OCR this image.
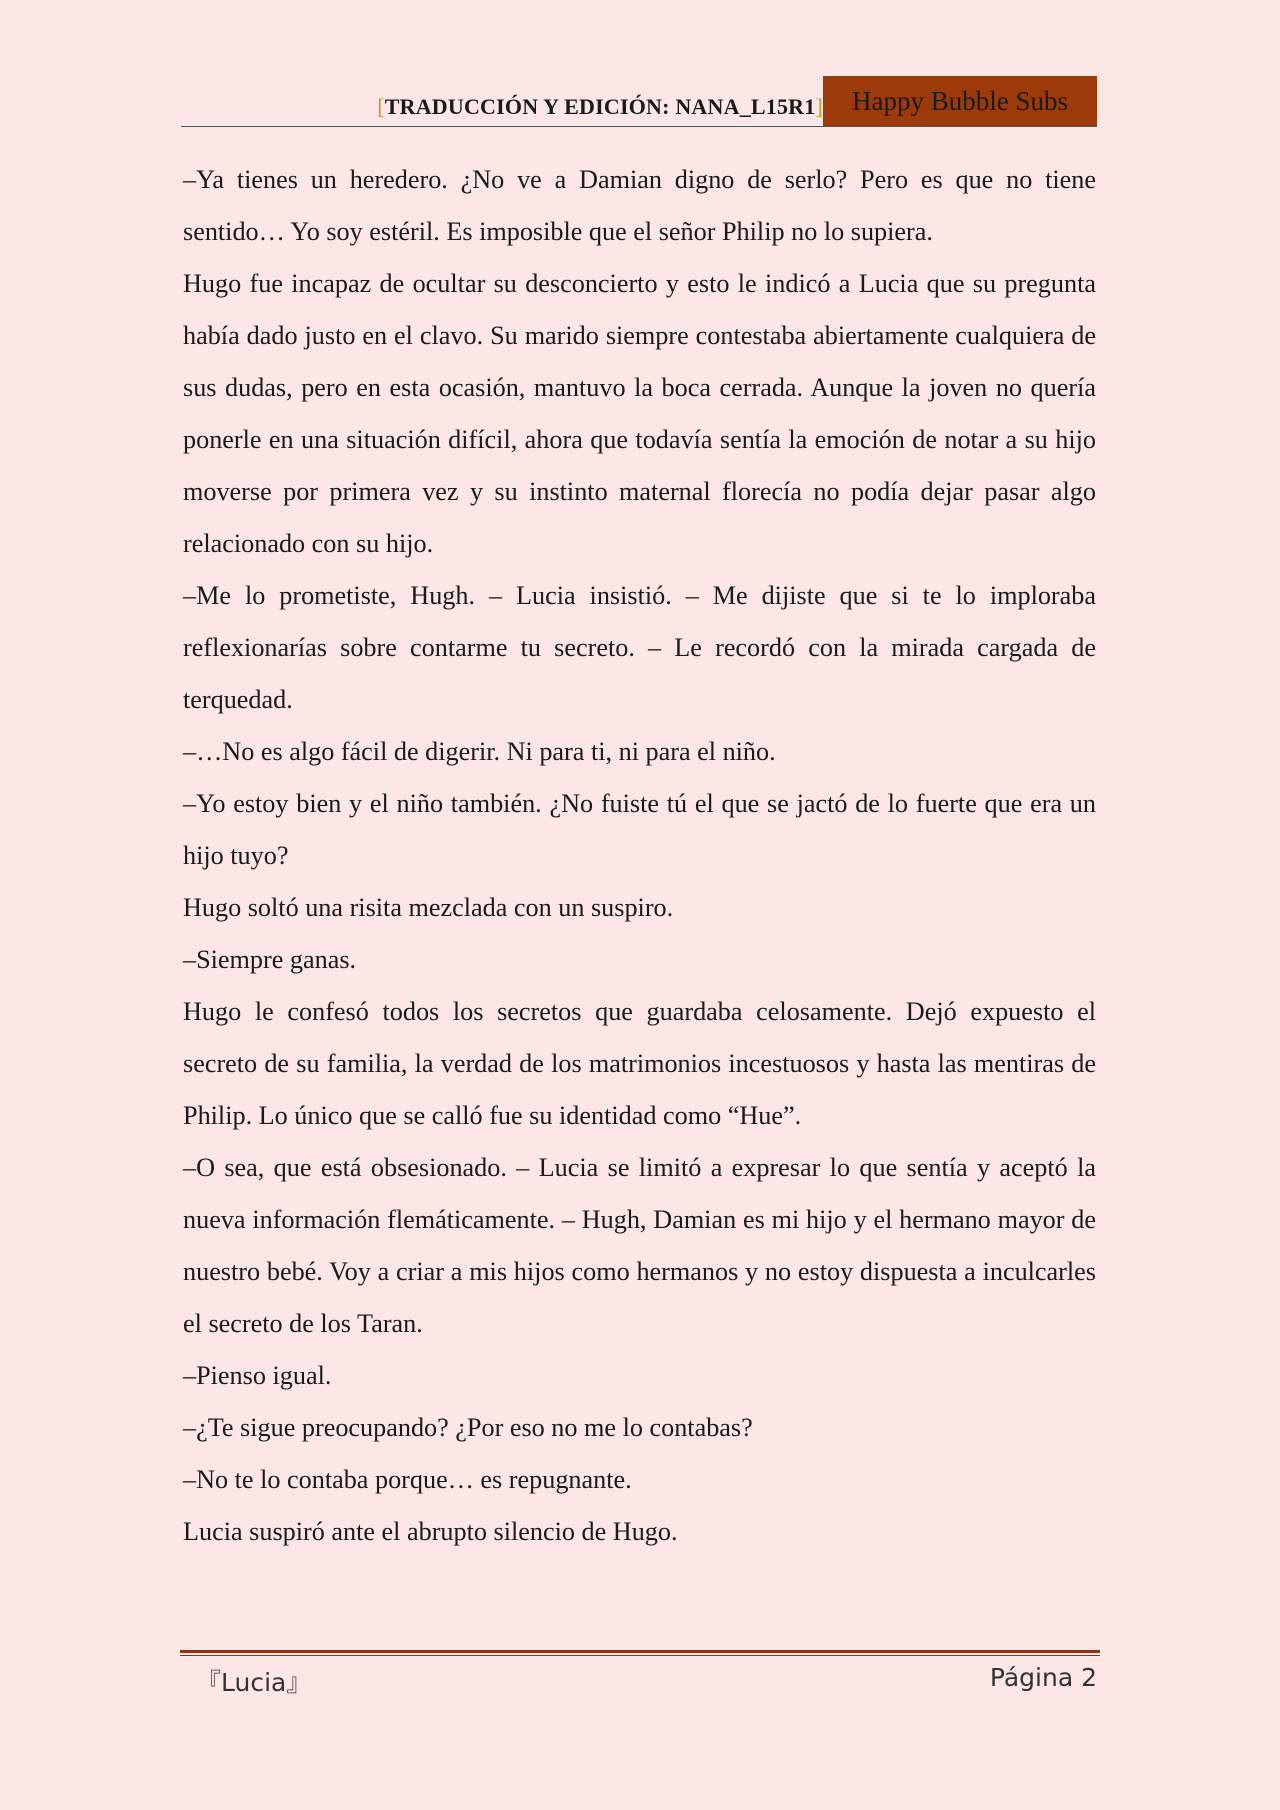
[TRADUCCIÓN Y EDICIÓN: NANA_L15R1] Happy Bubble Subs

–Ya tienes un heredero. ¿No ve a Damian digno de serlo? Pero es que no tiene sentido… Yo soy estéril. Es imposible que el señor Philip no lo supiera.

Hugo fue incapaz de ocultar su desconcierto y esto le indicó a Lucia que su pregunta había dado justo en el clavo. Su marido siempre contestaba abiertamente cualquiera de sus dudas, pero en esta ocasión, mantuvo la boca cerrada. Aunque la joven no quería ponerle en una situación difícil, ahora que todavía sentía la emoción de notar a su hijo moverse por primera vez y su instinto maternal florecía no podía dejar pasar algo relacionado con su hijo.

–Me lo prometiste, Hugh. – Lucia insistió. – Me dijiste que si te lo imploraba reflexionarías sobre contarme tu secreto. – Le recordó con la mirada cargada de terquedad.

–…No es algo fácil de digerir. Ni para ti, ni para el niño.

–Yo estoy bien y el niño también. ¿No fuiste tú el que se jactó de lo fuerte que era un hijo tuyo?

Hugo soltó una risita mezclada con un suspiro.

–Siempre ganas.

Hugo le confesó todos los secretos que guardaba celosamente. Dejó expuesto el secreto de su familia, la verdad de los matrimonios incestuosos y hasta las mentiras de Philip. Lo único que se calló fue su identidad como “Hue”.

–O sea, que está obsesionado. – Lucia se limitó a expresar lo que sentía y aceptó la nueva información flemáticamente. – Hugh, Damian es mi hijo y el hermano mayor de nuestro bebé. Voy a criar a mis hijos como hermanos y no estoy dispuesta a inculcarles el secreto de los Taran.

–Pienso igual.

–¿Te sigue preocupando? ¿Por eso no me lo contabas?

–No te lo contaba porque… es repugnante.

Lucia suspiró ante el abrupto silencio de Hugo.

『Lucia』	Página 2
